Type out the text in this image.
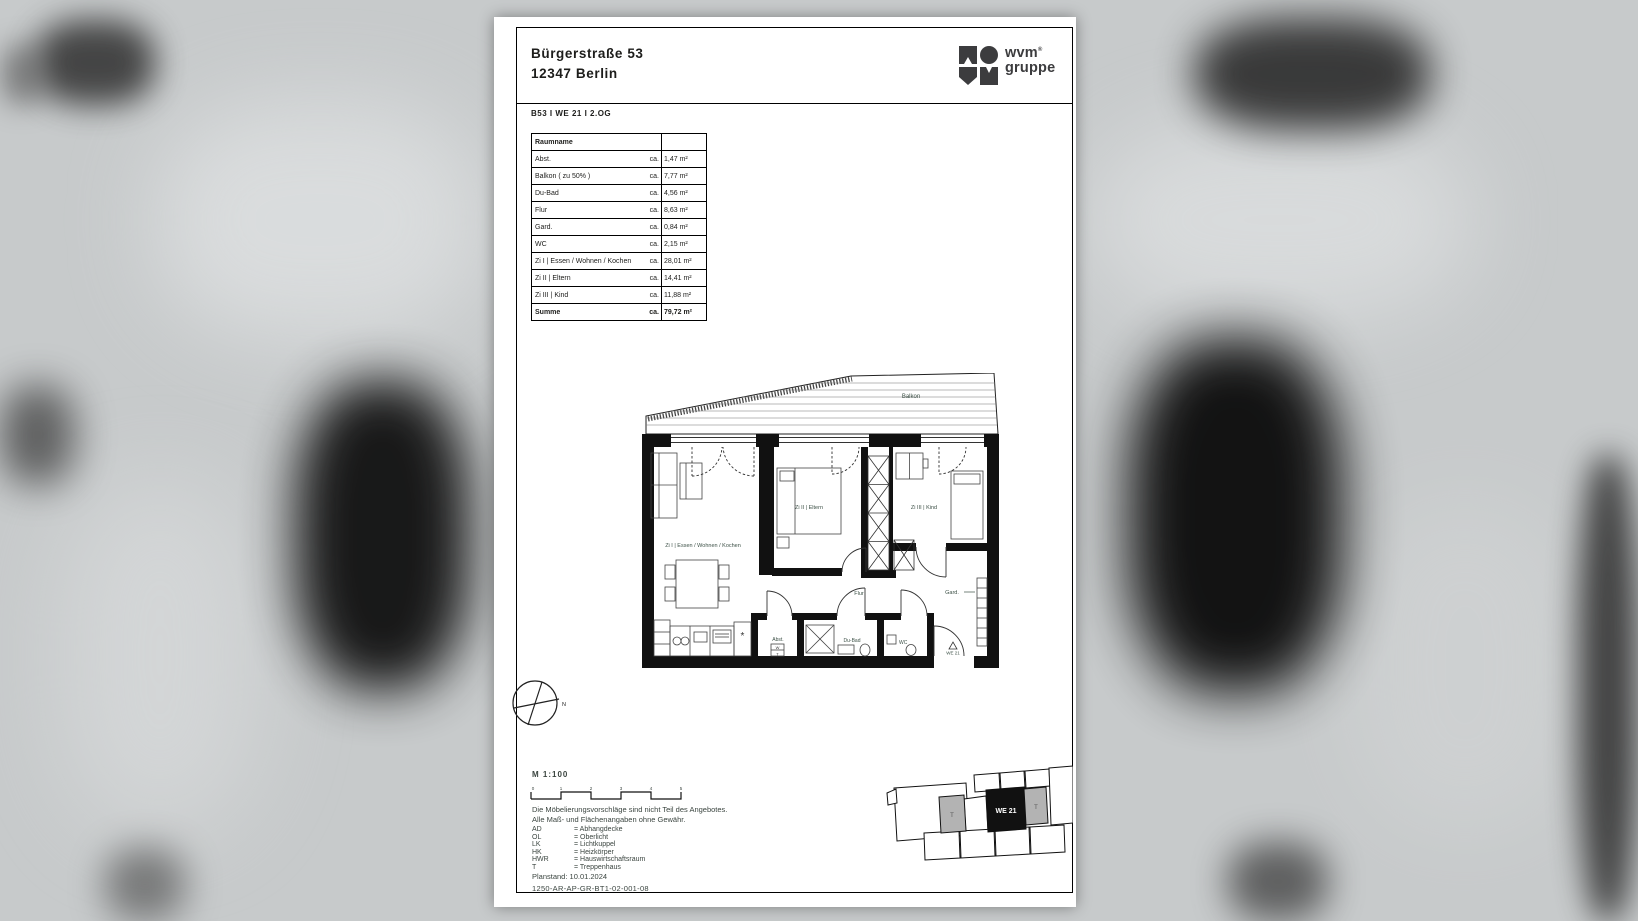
Bürgerstraße 53
12347 Berlin
wvm®
gruppe
B53 I WE 21 I 2.OG
Raumname
Abst.	ca. 1,47 m²
Balkon ( zu 50% )	ca. 7,77 m²
Du-Bad	ca. 4,56 m²
Flur	ca. 8,63 m²
Gard.	ca. 0,84 m²
WC	ca. 2,15 m²
Zi I | Essen / Wohnen / Kochen	ca. 28,01 m²
Zi II | Eltern	ca. 14,41 m²
Zi III | Kind	ca. 11,88 m²
Summe	ca. 79,72 m²
Balkon
*
W
T
Zi I | Essen / Wohnen / Kochen
Zi II | Eltern	Zi III | Kind
Flur	Gard.
Abst.	Du-Bad	WC
WE 21
N
M 1:100
0	1	2	3	4	5
Die Möbelierungsvorschläge sind nicht Teil des Angebotes.
Alle Maß- und Flächenangaben ohne Gewähr.
AD	= Abhangdecke
OL	= Oberlicht
LK	= Lichtkuppel
HK	= Heizkörper
HWR	= Hauswirtschaftsraum
T	= Treppenhaus
Planstand: 10.01.2024
1250-AR-AP-GR-BT1-02-001-08
T
WE 21	T
